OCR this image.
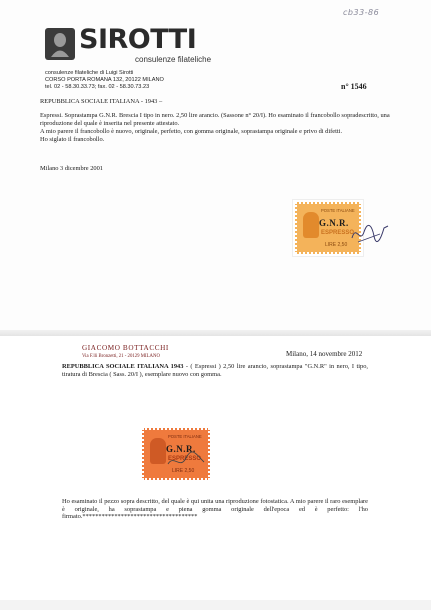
cb33-86
SIROTTI
consulenze filateliche
consulenze filateliche di Luigi Sirotti
CORSO PORTA ROMANA 132, 20122 MILANO
tel. 02 - 58.30.33.73; fax. 02 - 58.30.73.23	n° 1546

REPUBBLICA SOCIALE ITALIANA - 1943 –

Espressi. Soprastampa G.N.R. Brescia I tipo in nero. 2,50 lire arancio. (Sassone n° 20/I). Ho esaminato il francobollo sopradescritto, una riproduzione del quale è inserita nel presente attestato.
A mio parere il francobollo è nuovo, originale, perfetto, con gomma originale, soprastampa originale e privo di difetti.
Ho siglato il francobollo.
Milano 3 dicembre 2001
POSTE ITALIANE
G.N.R.
ESPRESSO
LIRE 2,50
GIACOMO BOTTACCHI
Via F.lli Bronzetti, 21 - 20129 MILANO	Milano, 14 novembre 2012
REPUBBLICA SOCIALE ITALIANA 1943 - ( Espressi ) 2,50 lire arancio, soprastampa "G.N.R" in nero, I tipo, tiratura di Brescia ( Sass. 20/I ), esemplare nuovo con gomma.
POSTE ITALIANE
G.N.R.
ESPRESSO
LIRE 2,50
Ho esaminato il pezzo sopra descritto, del quale è qui unita una riproduzione fotostatica. A mio parere il raro esemplare è originale, ha soprastampa e piena gomma originale dell'epoca ed è perfetto: l'ho firmato.************************************
